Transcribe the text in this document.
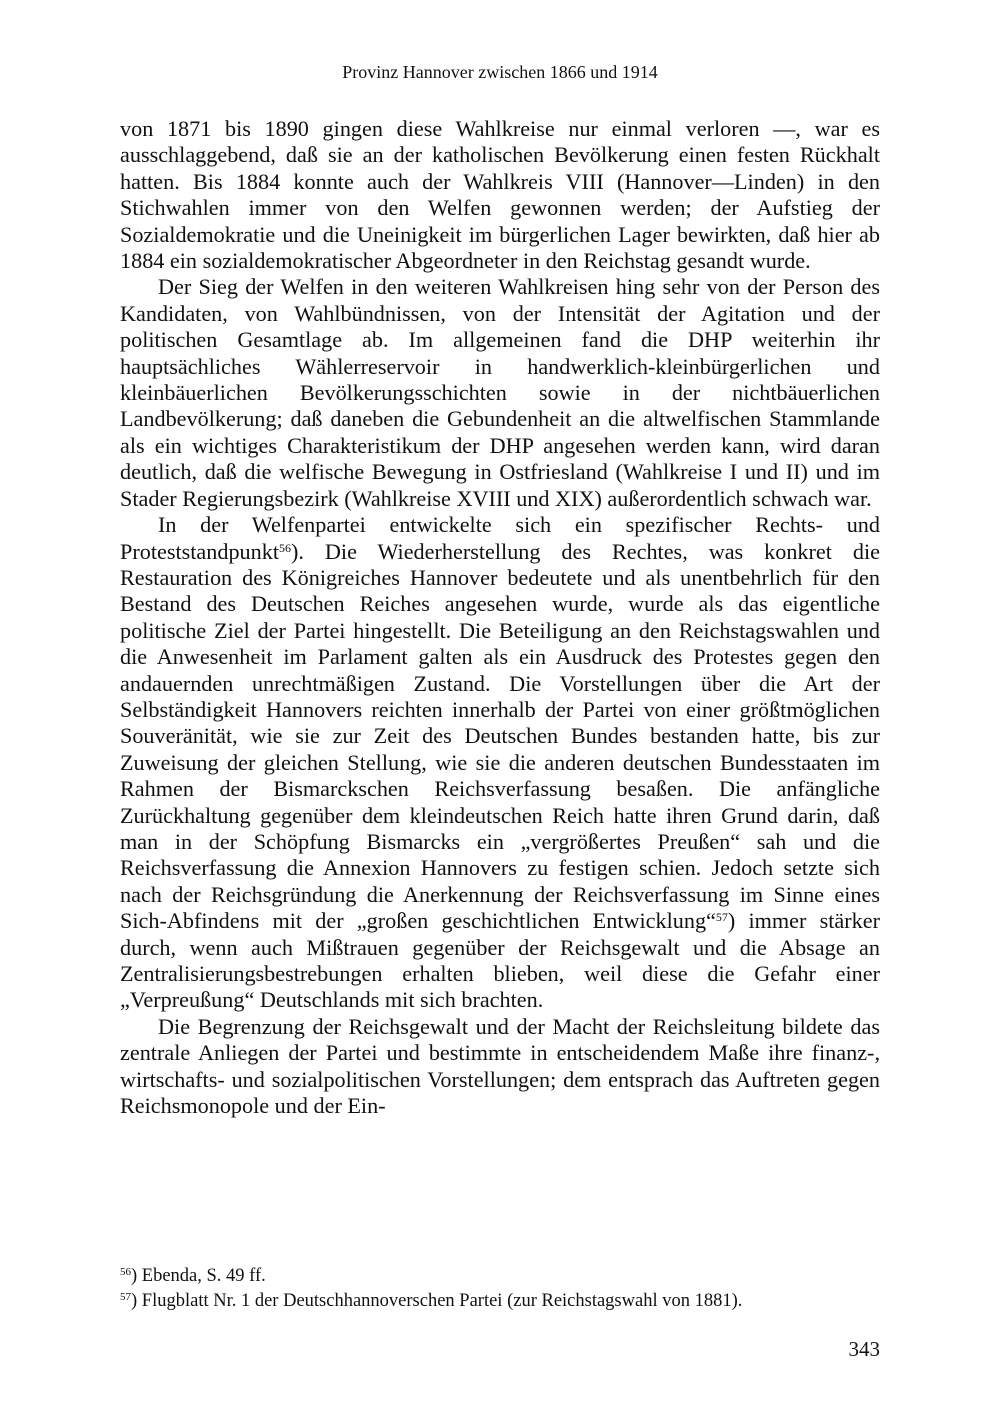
Provinz Hannover zwischen 1866 und 1914

von 1871 bis 1890 gingen diese Wahlkreise nur einmal verloren —, war es ausschlaggebend, daß sie an der katholischen Bevölkerung einen festen Rückhalt hatten. Bis 1884 konnte auch der Wahlkreis VIII (Hannover—Linden) in den Stichwahlen immer von den Welfen gewonnen werden; der Aufstieg der Sozialdemokratie und die Uneinigkeit im bürgerlichen Lager bewirkten, daß hier ab 1884 ein sozialdemokratischer Abgeordneter in den Reichstag gesandt wurde.

Der Sieg der Welfen in den weiteren Wahlkreisen hing sehr von der Person des Kandidaten, von Wahlbündnissen, von der Intensität der Agitation und der politischen Gesamtlage ab. Im allgemeinen fand die DHP weiterhin ihr hauptsächliches Wählerreservoir in handwerklich-kleinbürgerlichen und kleinbäuerlichen Bevölkerungsschichten sowie in der nichtbäuerlichen Landbevölkerung; daß daneben die Gebundenheit an die altwelfischen Stammlande als ein wichtiges Charakteristikum der DHP angesehen werden kann, wird daran deutlich, daß die welfische Bewegung in Ostfriesland (Wahlkreise I und II) und im Stader Regierungsbezirk (Wahlkreise XVIII und XIX) außerordentlich schwach war.

In der Welfenpartei entwickelte sich ein spezifischer Rechts- und Proteststandpunkt$^{56}$). Die Wiederherstellung des Rechtes, was konkret die Restauration des Königreiches Hannover bedeutete und als unentbehrlich für den Bestand des Deutschen Reiches angesehen wurde, wurde als das eigentliche politische Ziel der Partei hingestellt. Die Beteiligung an den Reichstagswahlen und die Anwesenheit im Parlament galten als ein Ausdruck des Protestes gegen den andauernden unrechtmäßigen Zustand. Die Vorstellungen über die Art der Selbständigkeit Hannovers reichten innerhalb der Partei von einer größtmöglichen Souveränität, wie sie zur Zeit des Deutschen Bundes bestanden hatte, bis zur Zuweisung der gleichen Stellung, wie sie die anderen deutschen Bundesstaaten im Rahmen der Bismarckschen Reichsverfassung besaßen. Die anfängliche Zurückhaltung gegenüber dem kleindeutschen Reich hatte ihren Grund darin, daß man in der Schöpfung Bismarcks ein „vergrößertes Preußen“ sah und die Reichsverfassung die Annexion Hannovers zu festigen schien. Jedoch setzte sich nach der Reichsgründung die Anerkennung der Reichsverfassung im Sinne eines Sich-Abfindens mit der „großen geschichtlichen Entwicklung“$^{57}$) immer stärker durch, wenn auch Mißtrauen gegenüber der Reichsgewalt und die Absage an Zentralisierungsbestrebungen erhalten blieben, weil diese die Gefahr einer „Verpreußung“ Deutschlands mit sich brachten.

Die Begrenzung der Reichsgewalt und der Macht der Reichsleitung bildete das zentrale Anliegen der Partei und bestimmte in entscheidendem Maße ihre finanz-, wirtschafts- und sozialpolitischen Vorstellungen; dem entsprach das Auftreten gegen Reichsmonopole und der Ein-

$^{56}$) Ebenda, S. 49 ff.
$^{57}$) Flugblatt Nr. 1 der Deutschhannoverschen Partei (zur Reichstagswahl von 1881).
343
